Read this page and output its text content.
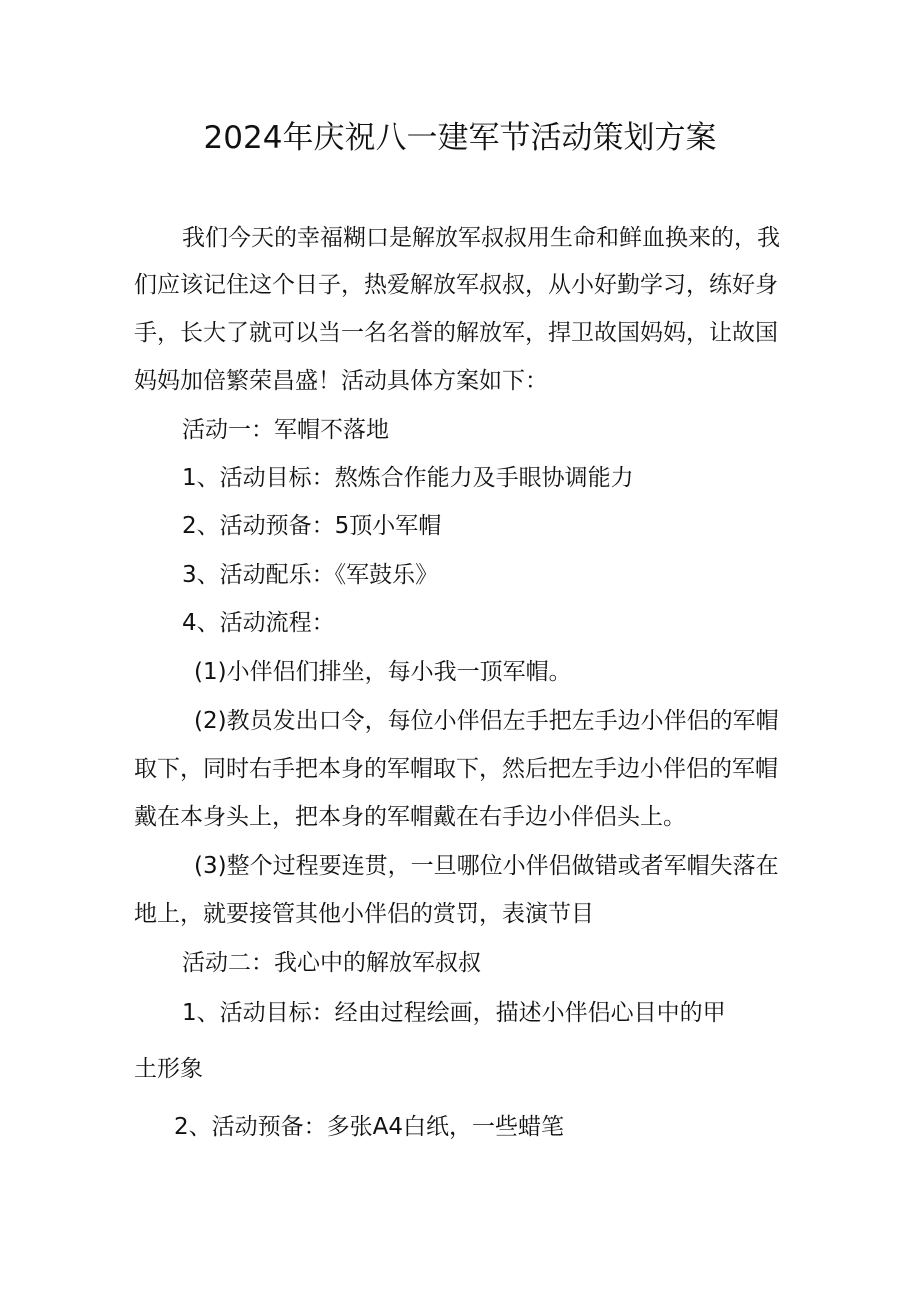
2024年庆祝八一建军节活动策划方案
我们今天的幸福糊口是解放军叔叔用生命和鲜血换来的，我
们应该记住这个日子，热爱解放军叔叔，从小好勤学习，练好身
手，长大了就可以当一名名誉的解放军，捍卫故国妈妈，让故国
妈妈加倍繁荣昌盛！活动具体方案如下：
活动一：军帽不落地
1、活动目标：熬炼合作能力及手眼协调能力
2、活动预备：5顶小军帽
3、活动配乐：《军鼓乐》
4、活动流程：
(1)小伴侣们排坐，每小我一顶军帽。
(2)教员发出口令，每位小伴侣左手把左手边小伴侣的军帽
取下，同时右手把本身的军帽取下，然后把左手边小伴侣的军帽
戴在本身头上，把本身的军帽戴在右手边小伴侣头上。
(3)整个过程要连贯，一旦哪位小伴侣做错或者军帽失落在
地上，就要接管其他小伴侣的赏罚，表演节目
活动二：我心中的解放军叔叔
1、活动目标：经由过程绘画，描述小伴侣心目中的甲
土形象
2、活动预备：多张A4白纸，一些蜡笔
